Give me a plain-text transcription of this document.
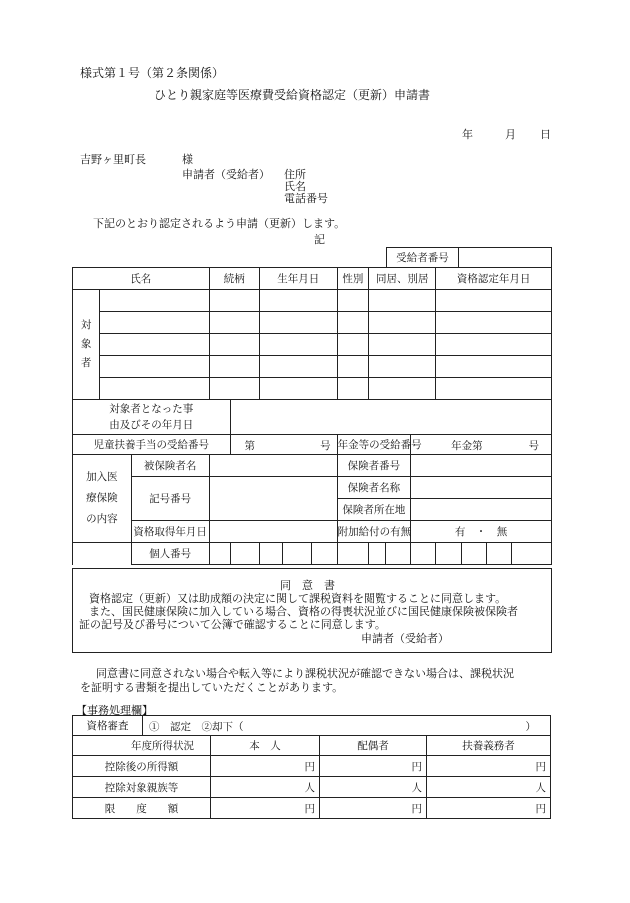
様式第１号（第２条関係）
ひとり親家庭等医療費受給資格認定（更新）申請書
年	月 日
吉野ヶ里町長	様
申請者（受給者） 住所
氏名
電話番号
下記のとおり認定されるよう申請（更新）します。
記
受給者番号	
氏名			続柄		生年月日			性別	同居、別居			資格認定年月日			
対
象
者															

対象者となった事
由及びその年月日															
児童扶養手当の受給番号				第 号				年金等の受給番号			年金第 号				

加入医
療保険
の内容		被保険者名						保険者番号							
		記号番号						保険者名称							
								保険者所在地							
		資格取得年月日						附加給付の有無			有　・　無				
		個人番号													
同　意　書
資格認定（更新）又は助成額の決定に関して課税資料を閲覧することに同意します。
また、国民健康保険に加入している場合、資格の得喪状況並びに国民健康保険被保険者
証の記号及び番号について公簿で確認することに同意します。
申請者（受給者）
同意書に同意されない場合や転入等により課税状況が確認できない場合は、課税状況
を証明する書類を提出していただくことがあります。
【事務処理欄】
資格審査	①　認定　②却下（ ）			

年度所得状況		本　人	配偶者	扶養義務者
控除後の所得額		円	円	円
控除対象親族等		人	人	人
限　　度　　額		円	円	円
